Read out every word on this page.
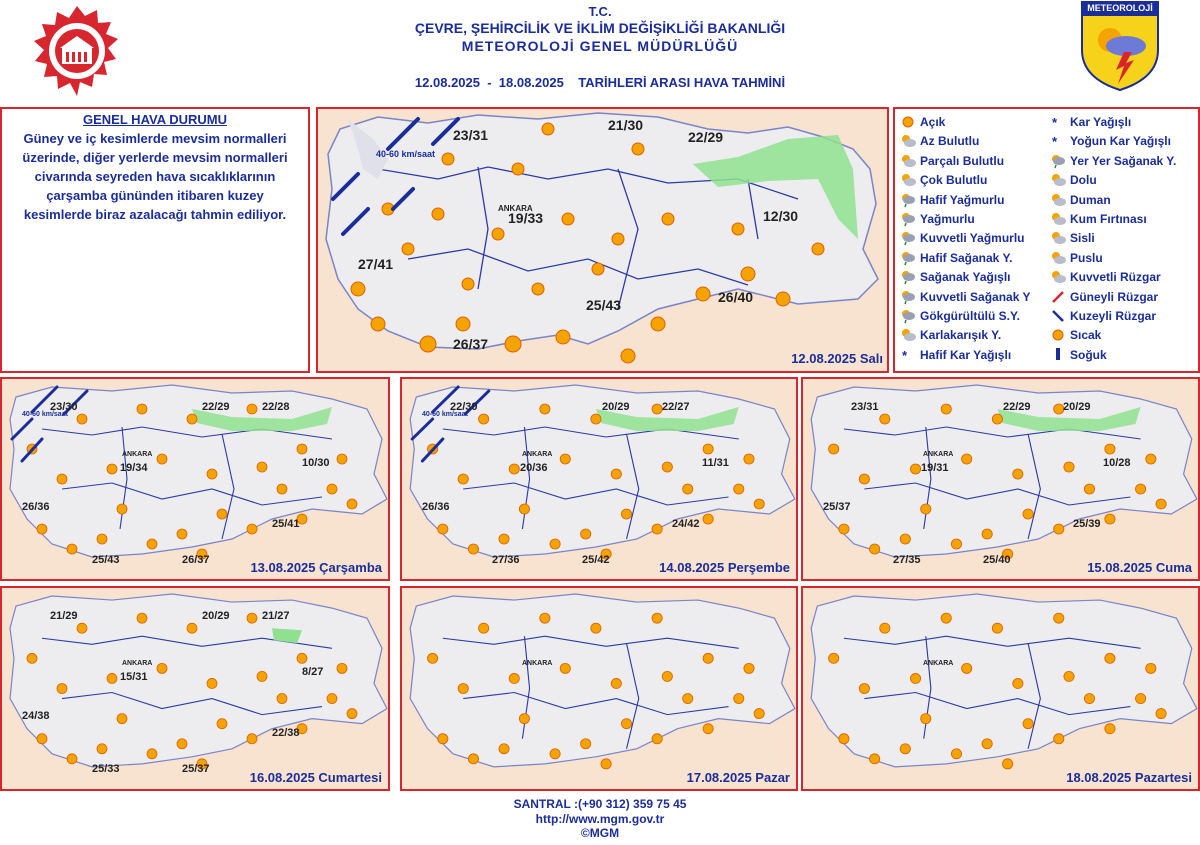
T.C.
ÇEVRE, ŞEHİRCİLİK VE İKLİM DEĞİŞİKLİĞİ BAKANLIĞI
METEOROLOJİ GENEL MÜDÜRLÜĞÜ
12.08.2025  -  18.08.2025    TARİHLERİ ARASI HAVA TAHMİNİ
METEOROLOJİ
GENEL HAVA DURUMU
Güney ve iç kesimlerde mevsim normalleri üzerinde, diğer yerlerde mevsim normalleri civarında seyreden hava sıcaklıklarının çarşamba gününden itibaren kuzey kesimlerde biraz azalacağı tahmin ediliyor.
40-60 km/saat
ANKARA
23/31
21/30
22/29
19/33	12/30
27/41
25/43	26/40
26/37
12.08.2025 Salı
Açık
Az Bulutlu
Parçalı Bulutlu
Çok Bulutlu
Hafif Yağmurlu
Yağmurlu
Kuvvetli Yağmurlu
Hafif Sağanak Y.
Sağanak Yağışlı
Kuvvetli Sağanak Y
Gökgürültülü S.Y.
Karlakarışık Y.
* Hafif Kar Yağışlı
* Kar Yağışlı
* Yoğun Kar Yağışlı
Yer Yer Sağanak Y.
Dolu
Duman
Kum Fırtınası
Sisli
Puslu
Kuvvetli Rüzgar
Güneyli Rüzgar
Kuzeyli Rüzgar
Sıcak
Soğuk
40-60 km/saat
ANKARA
23/30	22/29	22/28
19/34	10/30
26/36
25/41
26/37
25/43	13.08.2025 Çarşamba
40-60 km/saat
ANKARA
22/30	20/29	22/27
20/36	11/31
26/36
24/42
25/42
27/36	14.08.2025 Perşembe
ANKARA
23/31	22/29	20/29
19/31	10/28
25/37
25/39
25/40
27/35	15.08.2025 Cuma
ANKARA
21/29	20/29	21/27
15/31	8/27
24/38
22/38
25/37
25/33
16.08.2025 Cumartesi
ANKARA
17.08.2025 Pazar
ANKARA
18.08.2025 Pazartesi
SANTRAL :(+90 312) 359 75 45
http://www.mgm.gov.tr
©MGM
